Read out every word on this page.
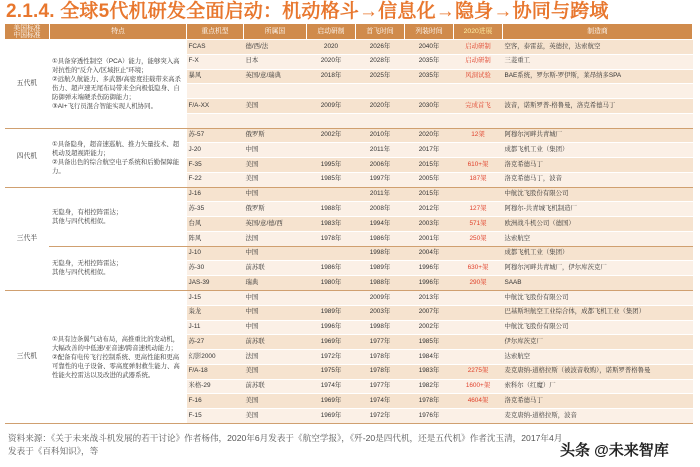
2.1.4. 全球5代机研发全面启动：机动格斗→信息化→隐身→协同与跨域
美国标准
中国标准	特点	重点机型	所属国	启动研制	首飞时间	列装时间	2020进展	制造商
五代机	①具备穿透性制空（PCA）能力，能够突入高对抗性的“反介入/区域拒止”环境；
②远航久航能力、多武器/高密度挂载带来高杀伤力、超声速无尾布局带来全向极低隐身、自防御弹末端硬杀伤防御能力；
③AI+飞行员混合智能实现人机协同。	FCAS	德/西/法	2020	2026年	2040年	启动研制	空客，泰雷兹，英德拉，达索航空
		F-X	日本	2020年	2028年	2035年	启动研制	三菱重工
		暴风	英国/意/瑞典	2018年	2025年	2035年	风洞试验	BAE系统，罗尔斯-罗伊斯，莱昂纳多SPA

		F/A-XX	美国	2009年	2020年	2030年	完成首飞	波音，诺斯罗普-格鲁曼，洛克希德马丁

四代机	①具备隐身，超音速巡航、推力矢量技术、超机动及超视距能力；
②具备出色的综合航空电子系统和后勤保障能力。	苏-57	俄罗斯	2002年	2010年	2020年	12架	阿穆尔河畔共青城厂
		J-20	中国		2011年	2017年		成都飞机工业（集团）
		F-35	美国	1995年	2006年	2015年	610+架	洛克希德马丁
		F-22	美国	1985年	1997年	2005年	187架	洛克希德马丁，波音
三代半	无隐身，有相控阵雷达；
其他与四代机相似。	J-16	中国		2011年	2015年		中航沈飞股份有限公司
		苏-35	俄罗斯	1988年	2008年	2012年	127架	阿穆尔-共青城飞机制造厂
		台风	英国/意/德/西	1983年	1994年	2003年	571架	欧洲战斗机公司（德国）
		阵风	法国	1978年	1986年	2001年	250架	达索航空
	无隐身，无相控阵雷达；
其他与四代机相似。	J-10	中国		1998年	2004年		成都飞机工业（集团）
		苏-30	前苏联	1986年	1989年	1996年	630+架	阿穆尔河畔共青城厂，伊尔库茨克厂
		JAS-39	瑞典	1980年	1988年	1996年	290架	SAAB
三代机	①具有边条翼气动布局，高推重比的发动机，大幅改善的中低速/亚音速/跨音速机动能力；
②配备有电传飞行控制系统、更高性能和更高可靠性的电子设备、零高度弹射救生能力、高性能火控雷达以及改进的武器系统。	J-15	中国		2009年	2013年		中航沈飞股份有限公司
		枭龙	中国	1989年	2003年	2007年		巴基斯坦航空工业综合体，成都飞机工业（集团）
		J-11	中国	1996年	1998年	2002年		中航沈飞股份有限公司
		苏-27	前苏联	1969年	1977年	1985年		伊尔库茨克厂
		幻影2000	法国	1972年	1978年	1984年		达索航空
		F/A-18	美国	1975年	1978年	1983年	2275架	麦克唐纳-道格拉斯（被波音收购），诺斯罗普格鲁曼
		米格-29	前苏联	1974年	1977年	1982年	1600+架	索科尔（红魔）厂
		F-16	美国	1969年	1974年	1978年	4604架	洛克希德马丁
		F-15	美国	1969年	1972年	1976年		麦克唐纳-道格拉斯，波音
资料来源：《关于未来战斗机发展的若干讨论》作者杨伟，2020年6月发表于《航空学报》，《歼-20是四代机，还是五代机》作者沈玉清，2017年4月发表于《百科知识》，等	头条 @未来智库
